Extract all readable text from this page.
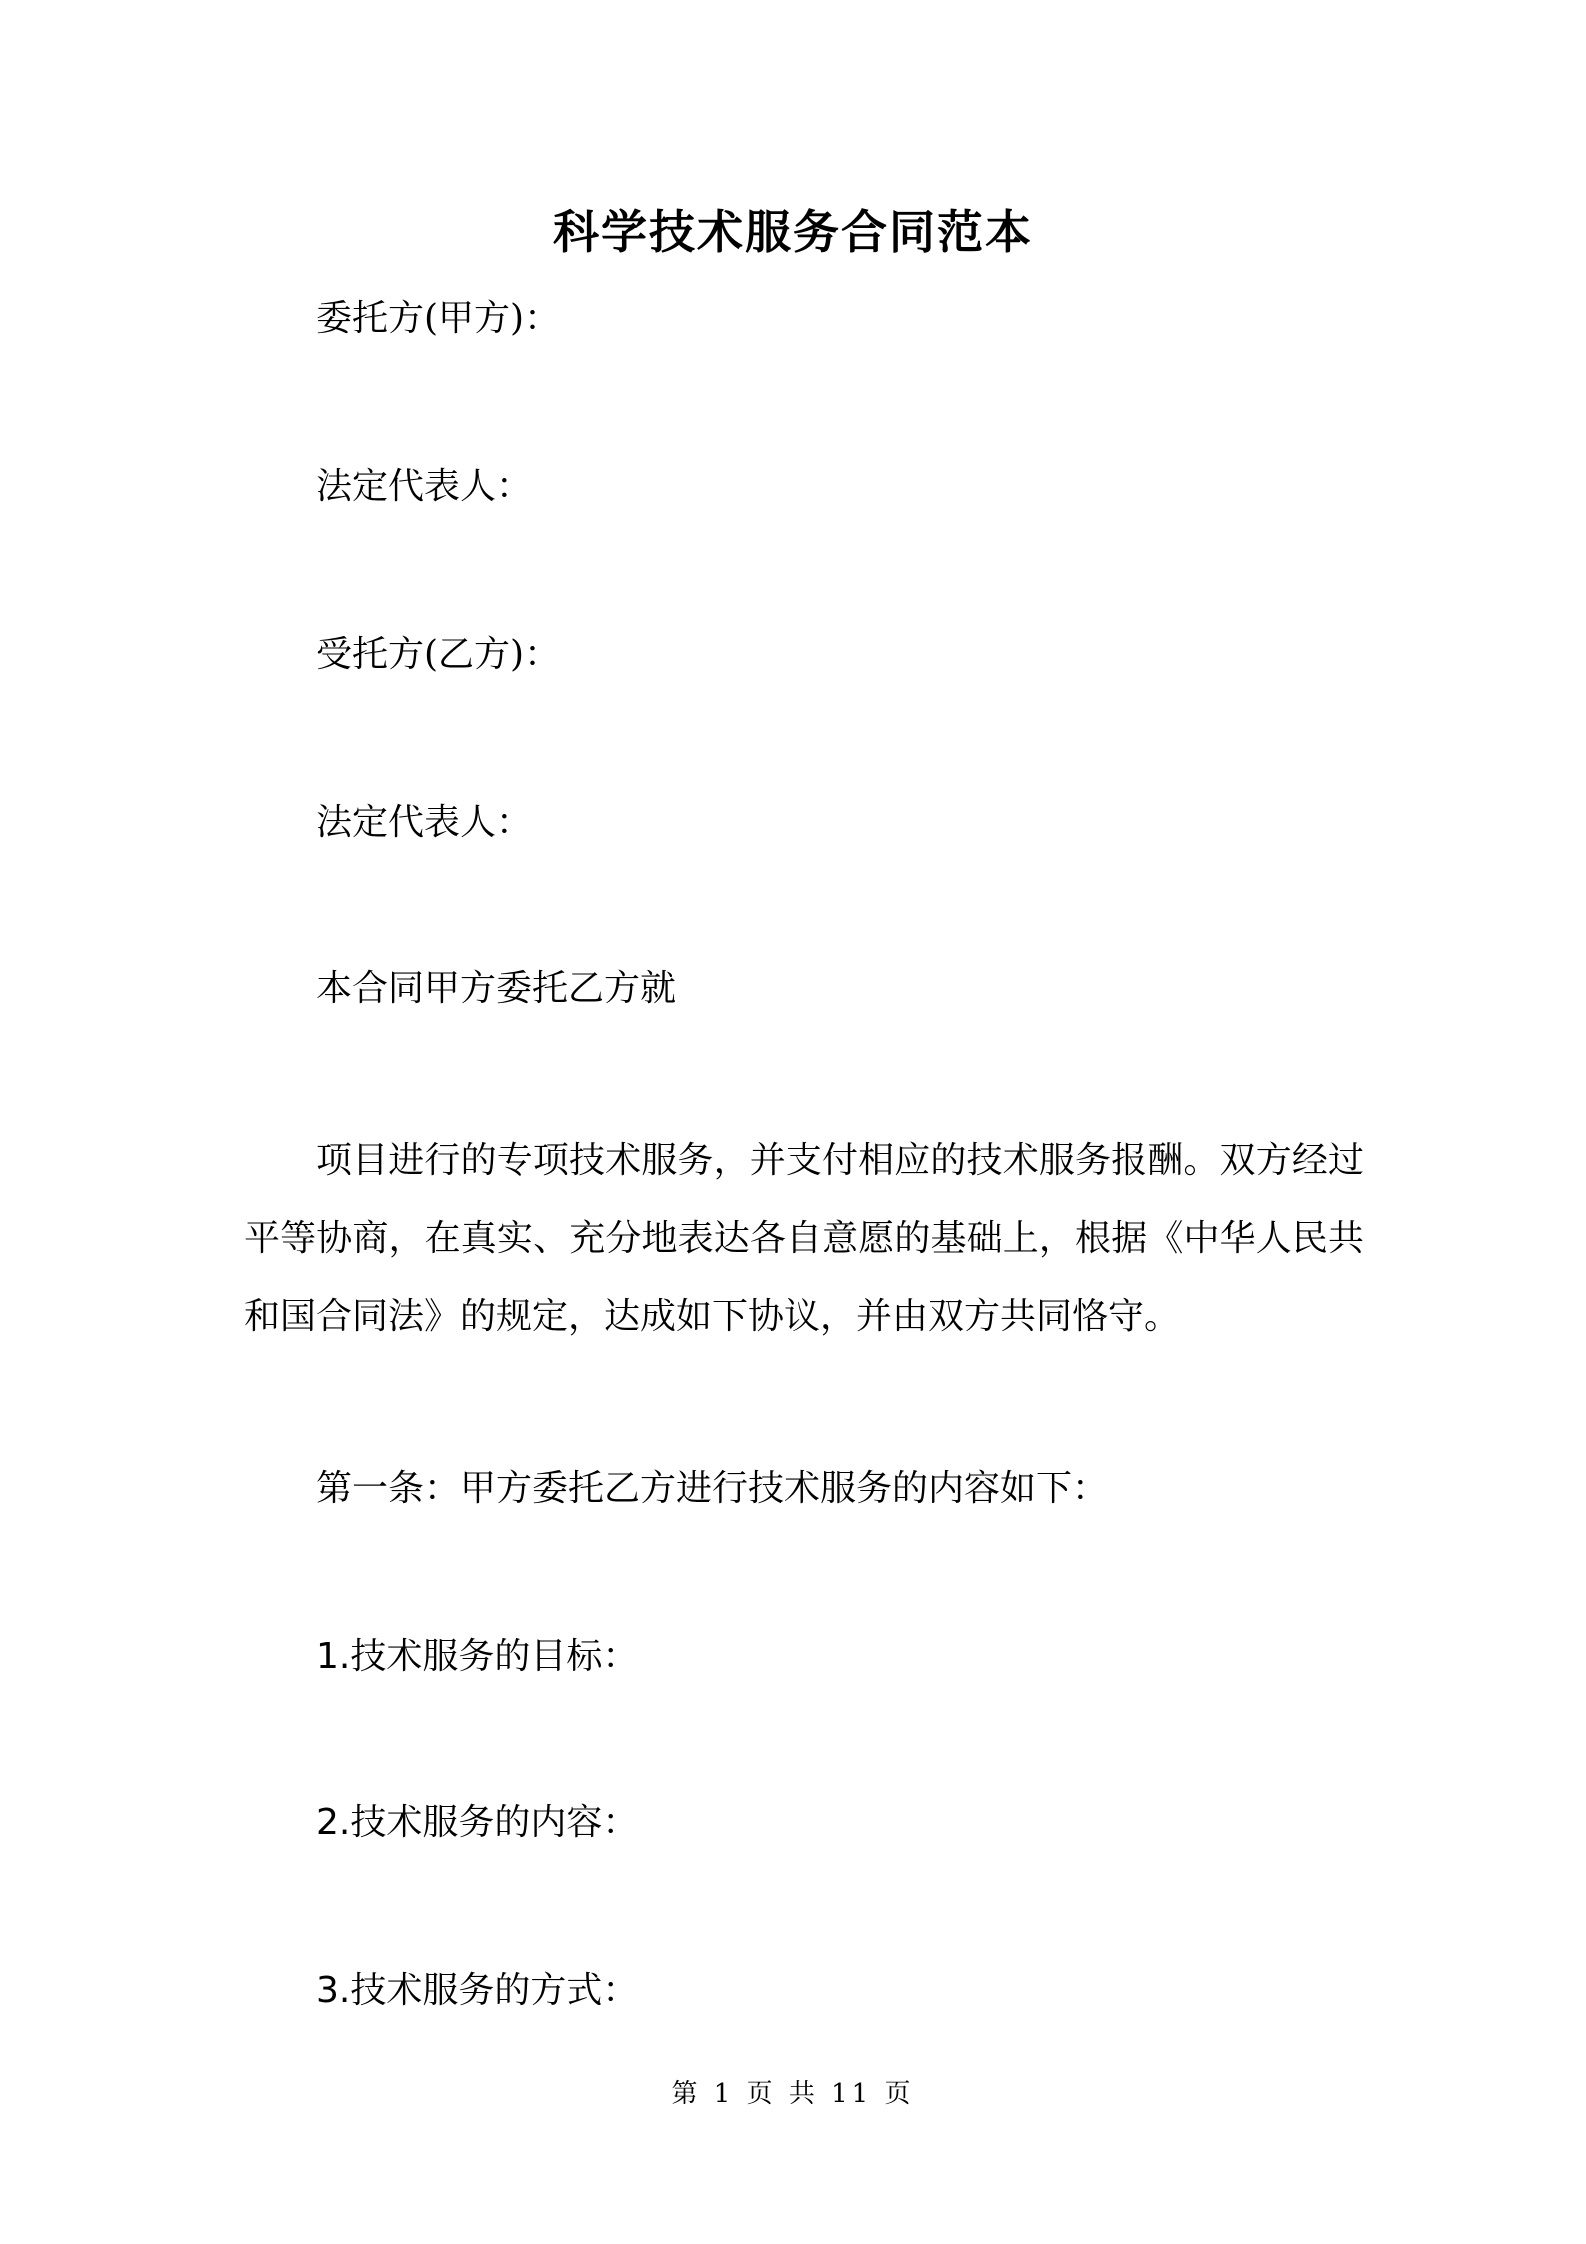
科学技术服务合同范本
委托方(甲方)：
法定代表人：
受托方(乙方)：
法定代表人：
本合同甲方委托乙方就
项目进行的专项技术服务，并支付相应的技术服务报酬。双方经过平等协商，在真实、充分地表达各自意愿的基础上，根据《中华人民共和国合同法》的规定，达成如下协议，并由双方共同恪守。
第一条：甲方委托乙方进行技术服务的内容如下：
1.技术服务的目标：
2.技术服务的内容：
3.技术服务的方式：
第 1 页 共 11 页
